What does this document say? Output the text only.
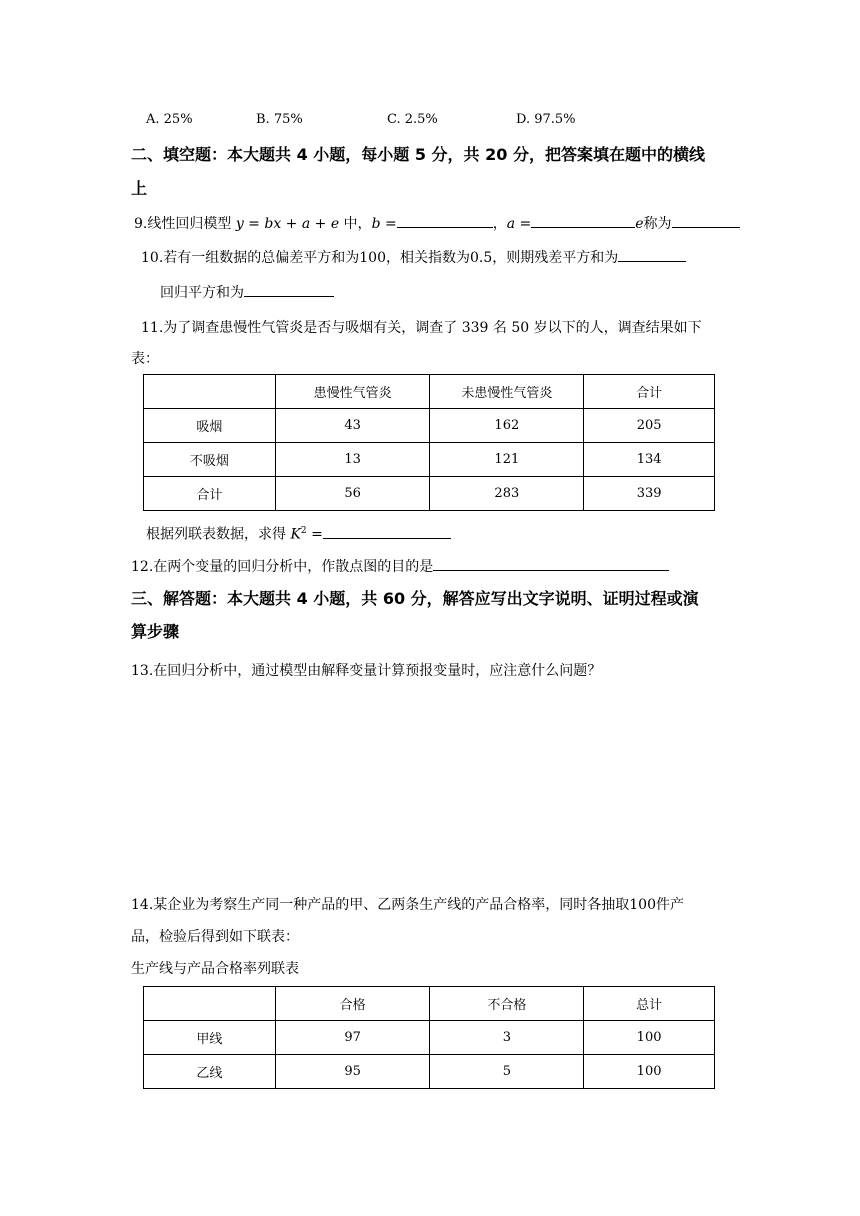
A. 25%	B. 75%	C. 2.5%	D. 97.5%
二、填空题：本大题共 4 小题，每小题 5 分，共 20 分，把答案填在题中的横线
上
9.线性回归模型 y = bx + a + e 中，b =	，a =	e称为
10.若有一组数据的总偏差平方和为100，相关指数为0.5，则期残差平方和为
回归平方和为
11.为了调查患慢性气管炎是否与吸烟有关，调查了 339 名 50 岁以下的人，调查结果如下
表：
	患慢性气管炎	未患慢性气管炎	合计
吸烟	43	162	205
不吸烟	13	121	134
合计	56	283	339
根据列联表数据，求得 $K^2$ =
12.在两个变量的回归分析中，作散点图的目的是
三、解答题：本大题共 4 小题，共 60 分，解答应写出文字说明、证明过程或演
算步骤
13.在回归分析中，通过模型由解释变量计算预报变量时，应注意什么问题？
14.某企业为考察生产同一种产品的甲、乙两条生产线的产品合格率，同时各抽取100件产
品，检验后得到如下联表：
生产线与产品合格率列联表
	合格	不合格	总计
甲线	97	3	100
乙线	95	5	100
